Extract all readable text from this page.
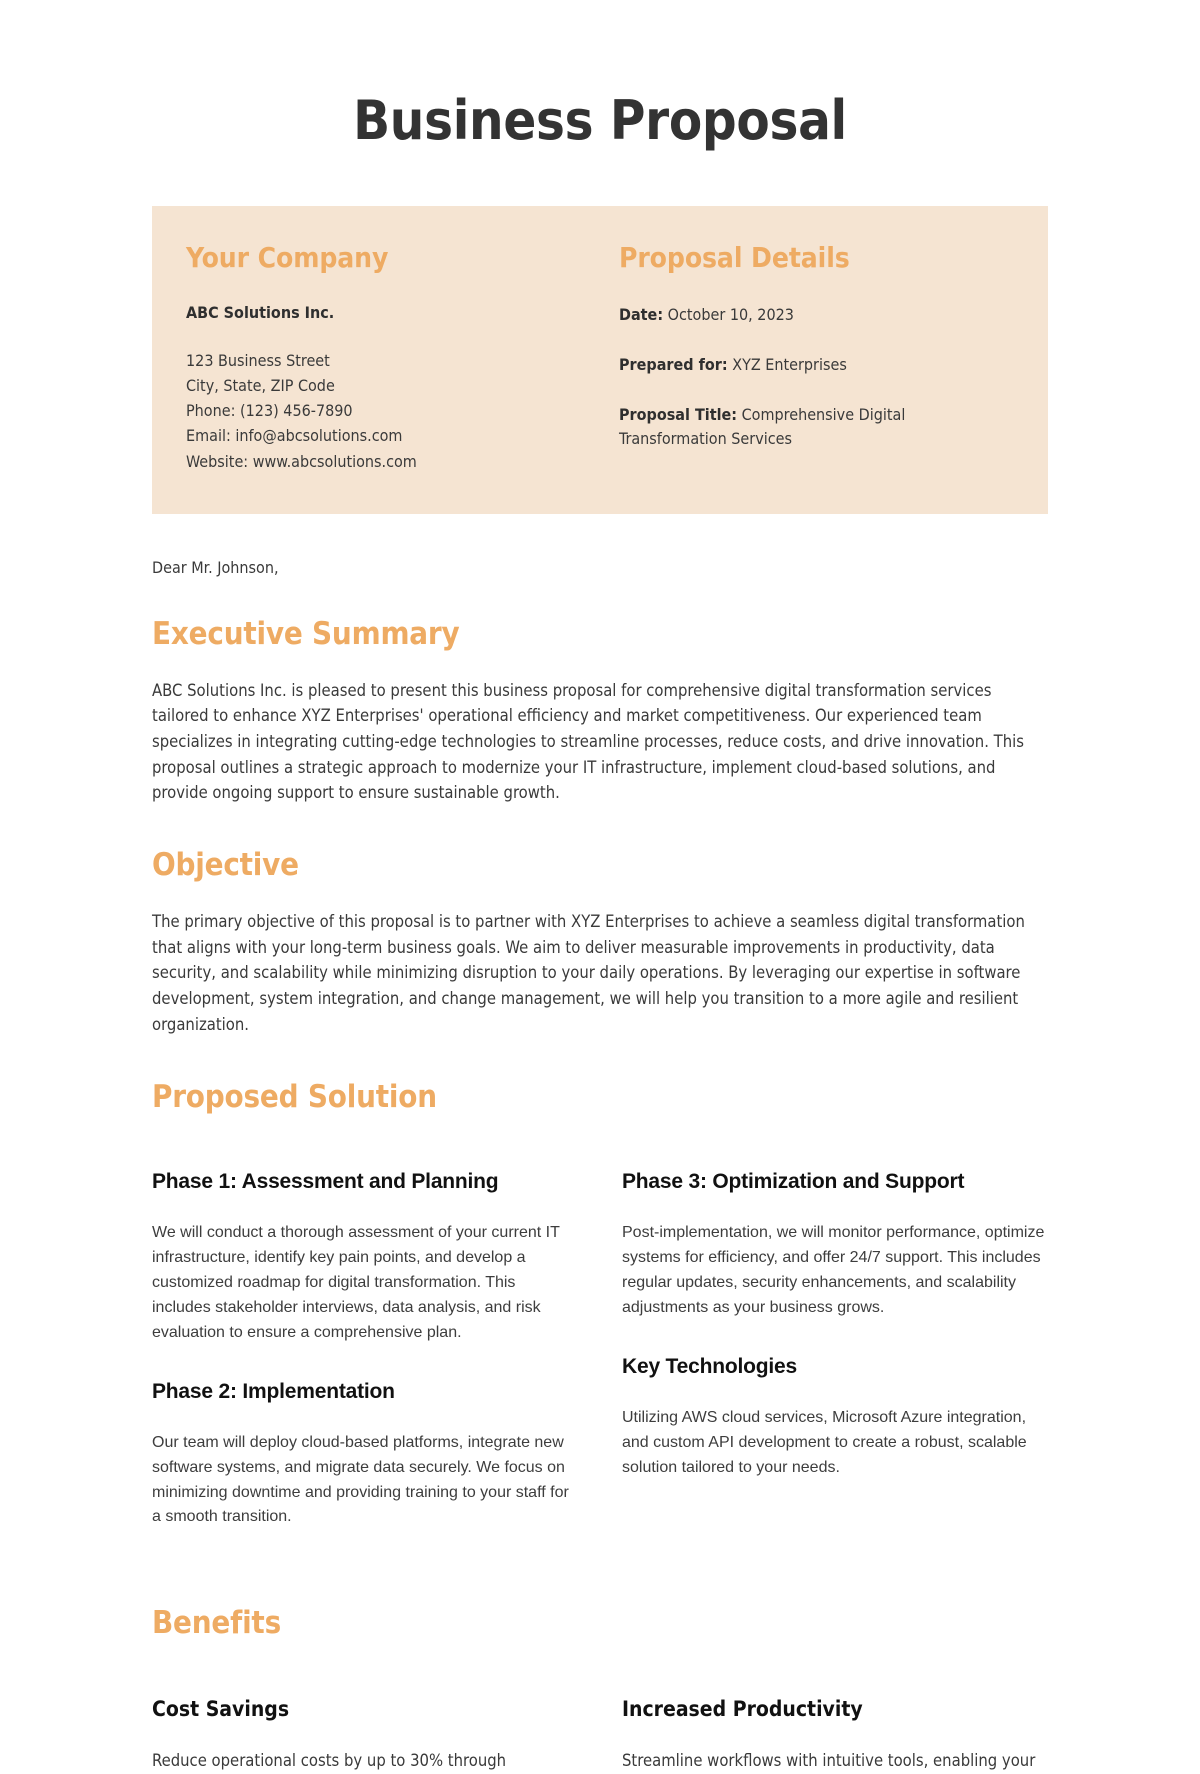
Business Proposal
Your Company

ABC Solutions Inc.

123 Business Street
City, State, ZIP Code
Phone: (123) 456-7890
Email: info@abcsolutions.com
Website: www.abcsolutions.com
Proposal Details

Date: October 10, 2023

Prepared for: XYZ Enterprises

Proposal Title: Comprehensive Digital Transformation Services

Dear Mr. Johnson,

Executive Summary

ABC Solutions Inc. is pleased to present this business proposal for comprehensive digital transformation services tailored to enhance XYZ Enterprises' operational efficiency and market competitiveness. Our experienced team specializes in integrating cutting-edge technologies to streamline processes, reduce costs, and drive innovation. This proposal outlines a strategic approach to modernize your IT infrastructure, implement cloud-based solutions, and provide ongoing support to ensure sustainable growth.

Objective

The primary objective of this proposal is to partner with XYZ Enterprises to achieve a seamless digital transformation that aligns with your long-term business goals. We aim to deliver measurable improvements in productivity, data security, and scalability while minimizing disruption to your daily operations. By leveraging our expertise in software development, system integration, and change management, we will help you transition to a more agile and resilient organization.

Proposed Solution
Phase 1: Assessment and Planning

We will conduct a thorough assessment of your current IT infrastructure, identify key pain points, and develop a customized roadmap for digital transformation. This includes stakeholder interviews, data analysis, and risk evaluation to ensure a comprehensive plan.

Phase 2: Implementation

Our team will deploy cloud-based platforms, integrate new software systems, and migrate data securely. We focus on minimizing downtime and providing training to your staff for a smooth transition.

Phase 3: Optimization and Support

Post-implementation, we will monitor performance, optimize systems for efficiency, and offer 24/7 support. This includes regular updates, security enhancements, and scalability adjustments as your business grows.

Key Technologies

Utilizing AWS cloud services, Microsoft Azure integration, and custom API development to create a robust, scalable solution tailored to your needs.

Benefits
Cost Savings

Reduce operational costs by up to 30% through

Increased Productivity

Streamline workflows with intuitive tools, enabling your
